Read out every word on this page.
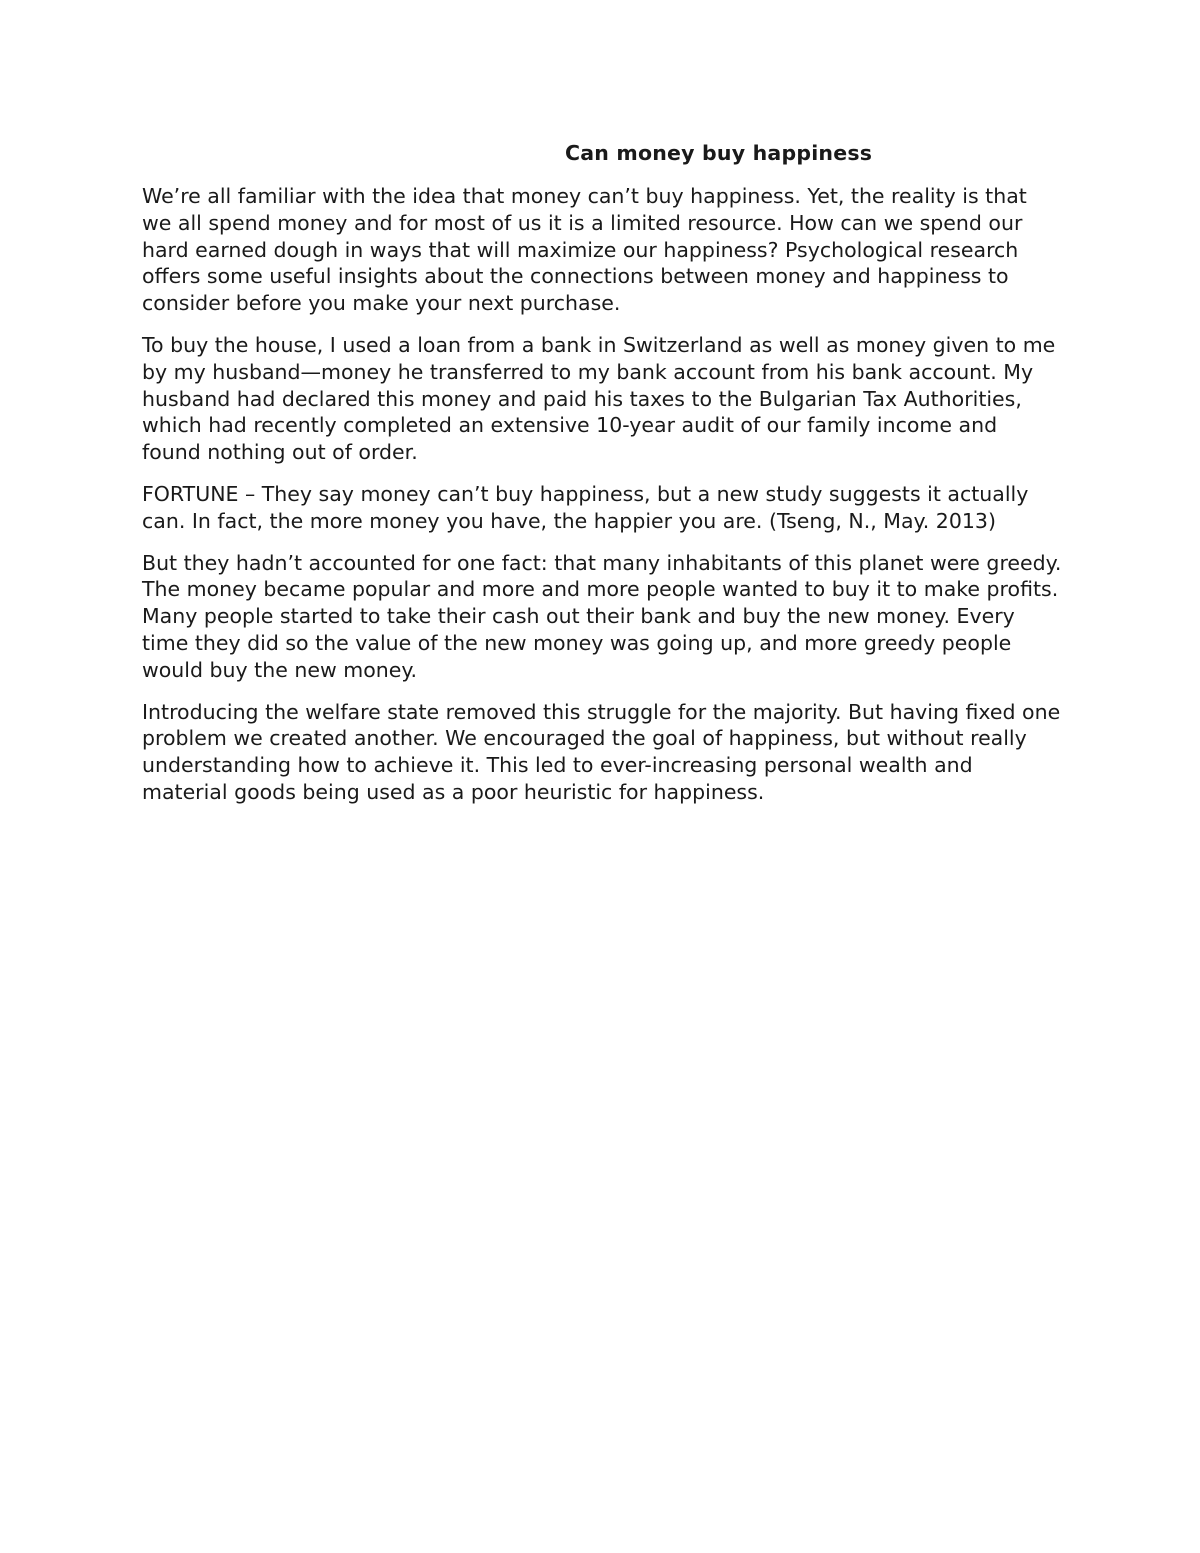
Can money buy happiness

We’re all familiar with the idea that money can’t buy happiness. Yet, the reality is that we all spend money and for most of us it is a limited resource. How can we spend our hard earned dough in ways that will maximize our happiness? Psychological research offers some useful insights about the connections between money and happiness to consider before you make your next purchase.

To buy the house, I used a loan from a bank in Switzerland as well as money given to me by my husband—money he transferred to my bank account from his bank account. My husband had declared this money and paid his taxes to the Bulgarian Tax Authorities, which had recently completed an extensive 10-year audit of our family income and found nothing out of order.

FORTUNE – They say money can’t buy happiness, but a new study suggests it actually can. In fact, the more money you have, the happier you are. (Tseng, N., May. 2013)

But they hadn’t accounted for one fact: that many inhabitants of this planet were greedy. The money became popular and more and more people wanted to buy it to make profits. Many people started to take their cash out their bank and buy the new money. Every time they did so the value of the new money was going up, and more greedy people would buy the new money.

Introducing the welfare state removed this struggle for the majority. But having fixed one problem we created another. We encouraged the goal of happiness, but without really understanding how to achieve it. This led to ever-increasing personal wealth and material goods being used as a poor heuristic for happiness.
